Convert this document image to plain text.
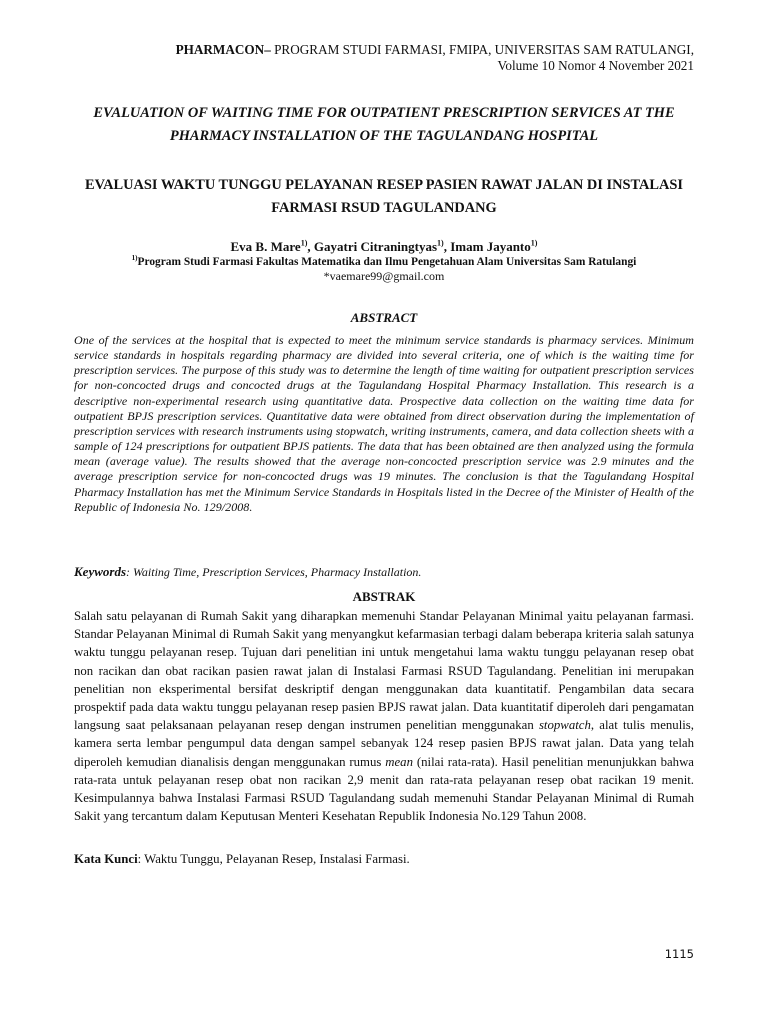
PHARMACON– PROGRAM STUDI FARMASI, FMIPA, UNIVERSITAS SAM RATULANGI,
Volume 10 Nomor 4 November 2021
EVALUATION OF WAITING TIME FOR OUTPATIENT PRESCRIPTION SERVICES AT THE PHARMACY INSTALLATION OF THE TAGULANDANG HOSPITAL
EVALUASI WAKTU TUNGGU PELAYANAN RESEP PASIEN RAWAT JALAN DI INSTALASI FARMASI RSUD TAGULANDANG
Eva B. Mare$^{1)}$, Gayatri Citraningtyas$^{1)}$, Imam Jayanto$^{1)}$
$^{1)}$Program Studi Farmasi Fakultas Matematika dan Ilmu Pengetahuan Alam Universitas Sam Ratulangi
*vaemare99@gmail.com
ABSTRACT
One of the services at the hospital that is expected to meet the minimum service standards is pharmacy services. Minimum service standards in hospitals regarding pharmacy are divided into several criteria, one of which is the waiting time for prescription services. The purpose of this study was to determine the length of time waiting for outpatient prescription services for non-concocted drugs and concocted drugs at the Tagulandang Hospital Pharmacy Installation. This research is a descriptive non-experimental research using quantitative data. Prospective data collection on the waiting time data for outpatient BPJS prescription services. Quantitative data were obtained from direct observation during the implementation of prescription services with research instruments using stopwatch, writing instruments, camera, and data collection sheets with a sample of 124 prescriptions for outpatient BPJS patients. The data that has been obtained are then analyzed using the formula mean (average value). The results showed that the average non-concocted prescription service was 2.9 minutes and the average prescription service for non-concocted drugs was 19 minutes. The conclusion is that the Tagulandang Hospital Pharmacy Installation has met the Minimum Service Standards in Hospitals listed in the Decree of the Minister of Health of the Republic of Indonesia No. 129/2008.
Keywords: Waiting Time, Prescription Services, Pharmacy Installation.
ABSTRAK
Salah satu pelayanan di Rumah Sakit yang diharapkan memenuhi Standar Pelayanan Minimal yaitu pelayanan farmasi. Standar Pelayanan Minimal di Rumah Sakit yang menyangkut kefarmasian terbagi dalam beberapa kriteria salah satunya waktu tunggu pelayanan resep. Tujuan dari penelitian ini untuk mengetahui lama waktu tunggu pelayanan resep obat non racikan dan obat racikan pasien rawat jalan di Instalasi Farmasi RSUD Tagulandang. Penelitian ini merupakan penelitian non eksperimental bersifat deskriptif dengan menggunakan data kuantitatif. Pengambilan data secara prospektif pada data waktu tunggu pelayanan resep pasien BPJS rawat jalan. Data kuantitatif diperoleh dari pengamatan langsung saat pelaksanaan pelayanan resep dengan instrumen penelitian menggunakan stopwatch, alat tulis menulis, kamera serta lembar pengumpul data dengan sampel sebanyak 124 resep pasien BPJS rawat jalan. Data yang telah diperoleh kemudian dianalisis dengan menggunakan rumus mean (nilai rata-rata). Hasil penelitian menunjukkan bahwa rata-rata untuk pelayanan resep obat non racikan 2,9 menit dan rata-rata pelayanan resep obat racikan 19 menit. Kesimpulannya bahwa Instalasi Farmasi RSUD Tagulandang sudah memenuhi Standar Pelayanan Minimal di Rumah Sakit yang tercantum dalam Keputusan Menteri Kesehatan Republik Indonesia No.129 Tahun 2008.
Kata Kunci: Waktu Tunggu, Pelayanan Resep, Instalasi Farmasi.
1115
